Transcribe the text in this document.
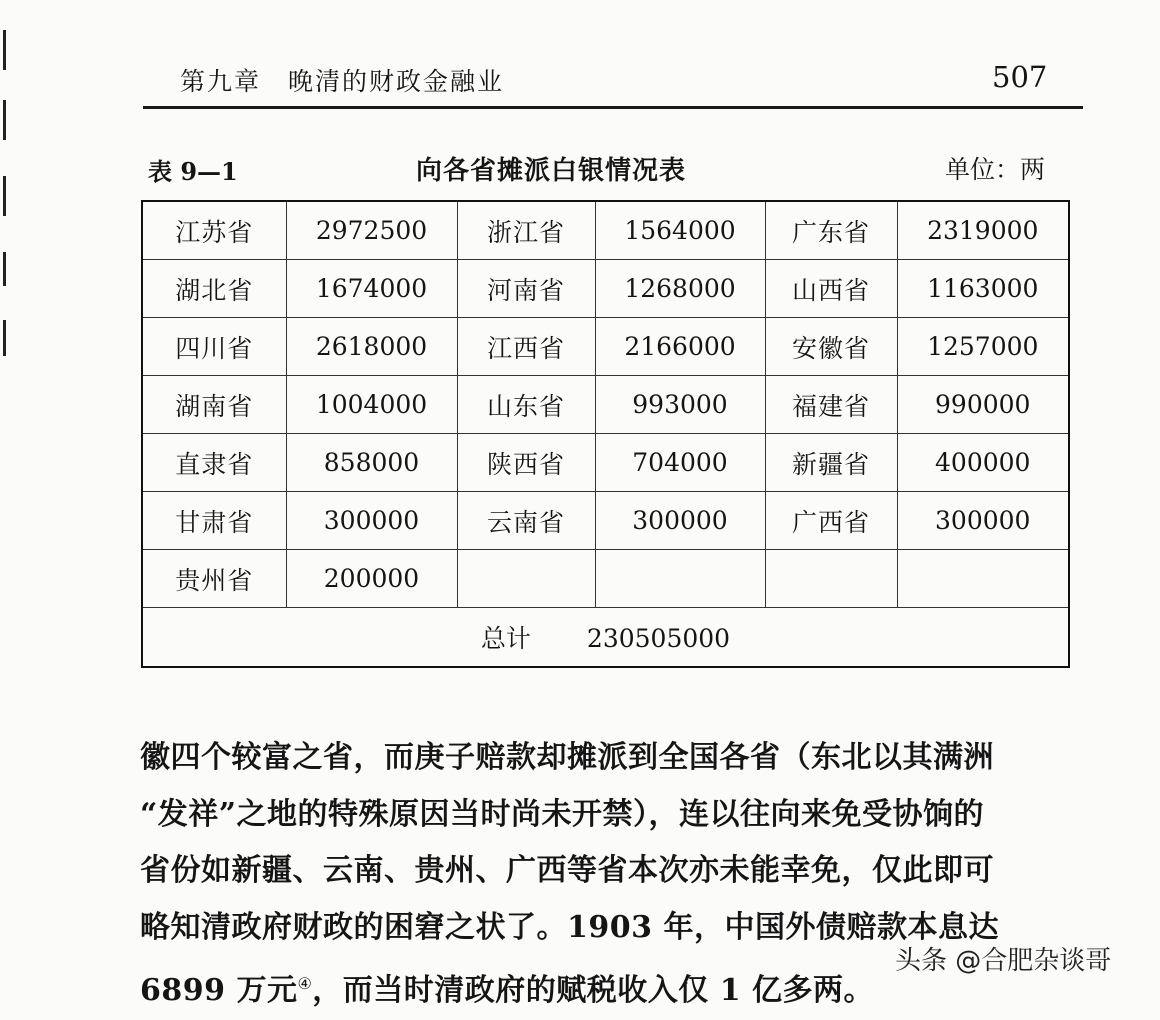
第九章　晚清的财政金融业	507
表 9—1	向各省摊派白银情况表	单位：两
江苏省	2972500	浙江省	1564000	广东省	2319000
湖北省	1674000	河南省	1268000	山西省	1163000
四川省	2618000	江西省	2166000	安徽省	1257000
湖南省	1004000	山东省	993000	福建省	990000
直隶省	858000	陕西省	704000	新疆省	400000
甘肃省	300000	云南省	300000	广西省	300000
贵州省	200000				
总计 230505000					

徽四个较富之省，而庚子赔款却摊派到全国各省（东北以其满洲

“发祥”之地的特殊原因当时尚未开禁），连以往向来免受协饷的

省份如新疆、云南、贵州、广西等省本次亦未能幸免，仅此即可

略知清政府财政的困窘之状了。1903 年，中国外债赔款本息达

6899 万元④，而当时清政府的赋税收入仅 1 亿多两。

头条 @合肥杂谈哥
